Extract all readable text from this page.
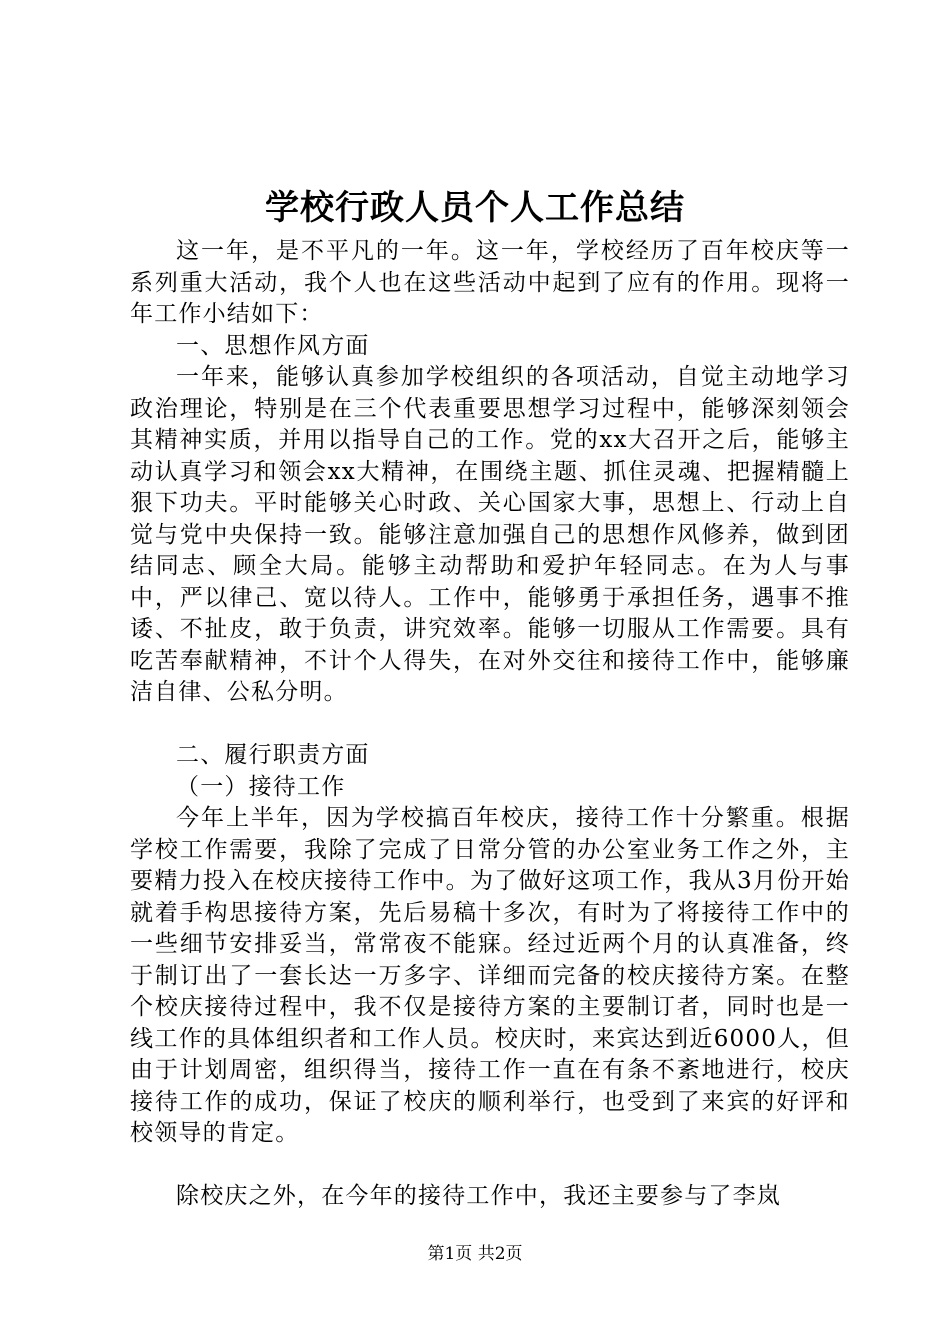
学校行政人员个人工作总结

这一年，是不平凡的一年。这一年，学校经历了百年校庆等一系列重大活动，我个人也在这些活动中起到了应有的作用。现将一年工作小结如下：

一、思想作风方面

一年来，能够认真参加学校组织的各项活动，自觉主动地学习政治理论，特别是在三个代表重要思想学习过程中，能够深刻领会其精神实质，并用以指导自己的工作。党的xx大召开之后，能够主动认真学习和领会xx大精神，在围绕主题、抓住灵魂、把握精髓上狠下功夫。平时能够关心时政、关心国家大事，思想上、行动上自觉与党中央保持一致。能够注意加强自己的思想作风修养，做到团结同志、顾全大局。能够主动帮助和爱护年轻同志。在为人与事中，严以律己、宽以待人。工作中，能够勇于承担任务，遇事不推诿、不扯皮，敢于负责，讲究效率。能够一切服从工作需要。具有吃苦奉献精神，不计个人得失，在对外交往和接待工作中，能够廉洁自律、公私分明。

二、履行职责方面

（一）接待工作

今年上半年，因为学校搞百年校庆，接待工作十分繁重。根据学校工作需要，我除了完成了日常分管的办公室业务工作之外，主要精力投入在校庆接待工作中。为了做好这项工作，我从3月份开始就着手构思接待方案，先后易稿十多次，有时为了将接待工作中的一些细节安排妥当，常常夜不能寐。经过近两个月的认真准备，终于制订出了一套长达一万多字、详细而完备的校庆接待方案。在整个校庆接待过程中，我不仅是接待方案的主要制订者，同时也是一线工作的具体组织者和工作人员。校庆时，来宾达到近6000人，但由于计划周密，组织得当，接待工作一直在有条不紊地进行，校庆接待工作的成功，保证了校庆的顺利举行，也受到了来宾的好评和校领导的肯定。

除校庆之外，在今年的接待工作中，我还主要参与了李岚

第1页 共2页
